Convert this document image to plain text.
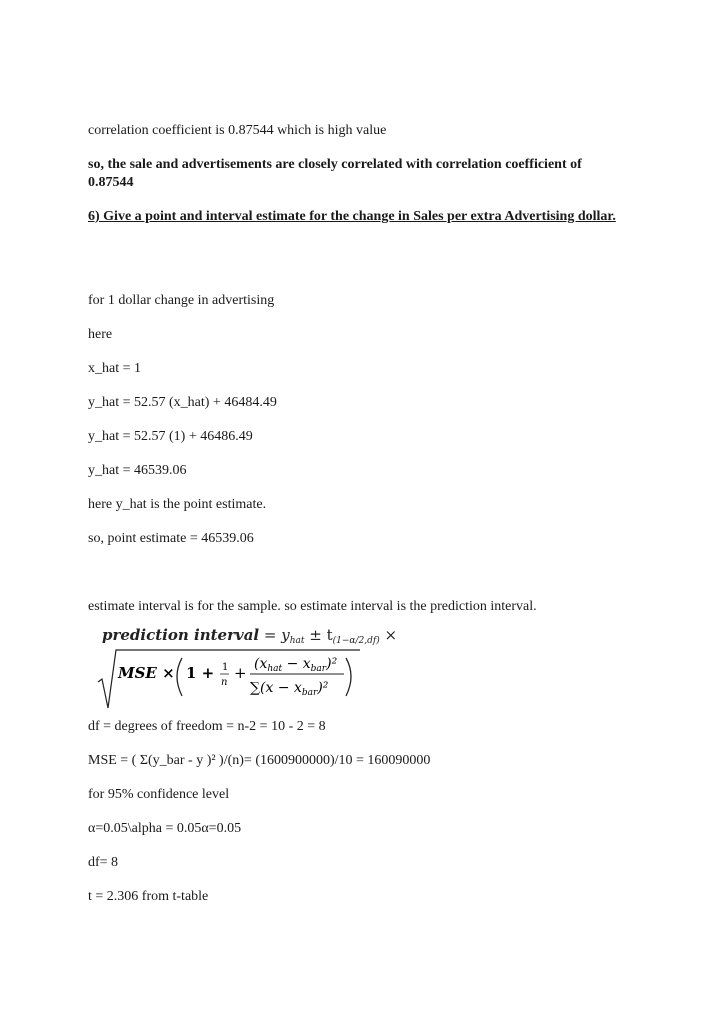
correlation coefficient is 0.87544 which is high value
so, the sale and advertisements are closely correlated with correlation coefficient of 0.87544
6) Give a point and interval estimate for the change in Sales per extra Advertising dollar.
for 1 dollar change in advertising
here
x_hat = 1
y_hat = 52.57 (x_hat) + 46484.49
y_hat = 52.57 (1) + 46486.49
y_hat = 46539.06
here y_hat is the point estimate.
so, point estimate = 46539.06
estimate interval is for the sample. so estimate interval is the prediction interval.
prediction interval = $y_{hat} \pm t_{(1-\alpha/2,df)}$ ×
MSE × 1 + 1
n
+ $(x_{hat} - x_{bar})^2$
$\sum(x - x_{bar})^2$
df = degrees of freedom = n-2 = 10 - 2 = 8
MSE = ( Σ(y_bar - y )² )/(n)= (1600900000)/10 = 160090000
for 95% confidence level
α=0.05\alpha = 0.05α=0.05
df= 8
t = 2.306 from t-table
